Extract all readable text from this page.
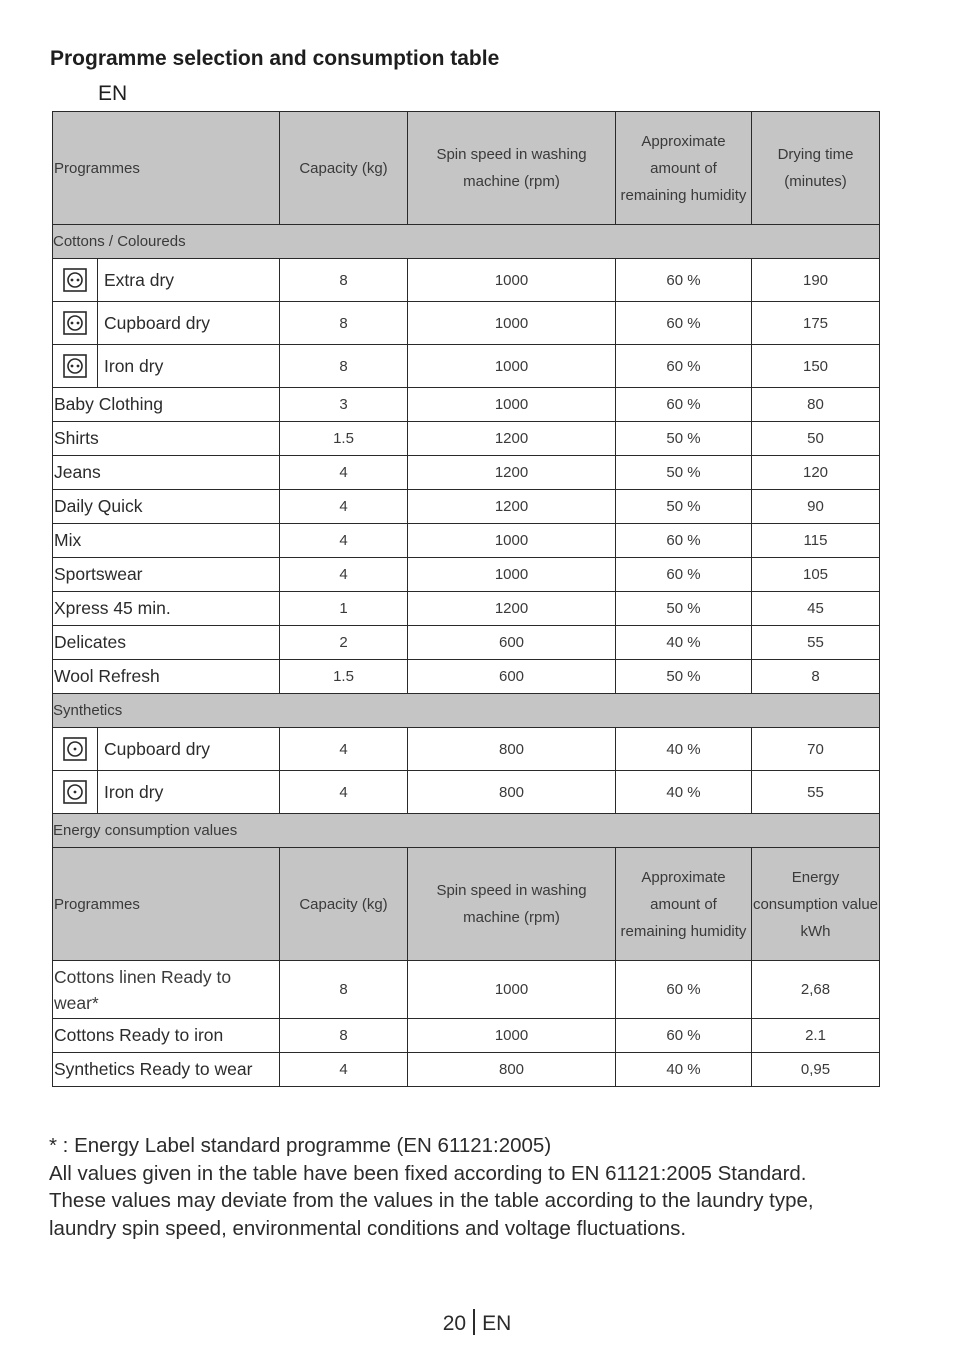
Programme selection and consumption table
EN
Programmes	Capacity (kg)	Spin speed in washing machine (rpm)	Approximate amount of remaining humidity	Drying time (minutes)
Cottons / Coloureds				

Extra dry	8	1000	60 %	190

Cupboard dry	8	1000	60 %	175

Iron dry	8	1000	60 %	150
Baby Clothing	3	1000	60 %	80
Shirts	1.5	1200	50 %	50
Jeans	4	1200	50 %	120
Daily Quick	4	1200	50 %	90
Mix	4	1000	60 %	115
Sportswear	4	1000	60 %	105
Xpress 45 min.	1	1200	50 %	45
Delicates	2	600	40 %	55
Wool Refresh	1.5	600	50 %	8
Synthetics				

Cupboard dry	4	800	40 %	70

Iron dry	4	800	40 %	55
Energy consumption values				
Programmes	Capacity (kg)	Spin speed in washing machine (rpm)	Approximate amount of remaining humidity	Energy consumption value kWh
Cottons linen Ready to wear*	8	1000	60 %	2,68
Cottons Ready to iron	8	1000	60 %	2.1
Synthetics Ready to wear	4	800	40 %	0,95
* : Energy Label standard programme (EN 61121:2005)
All values given in the table have been fixed according to EN 61121:2005 Standard.
These values may deviate from the values in the table according to the laundry type,
laundry spin speed, environmental conditions and voltage fluctuations.
20 EN
